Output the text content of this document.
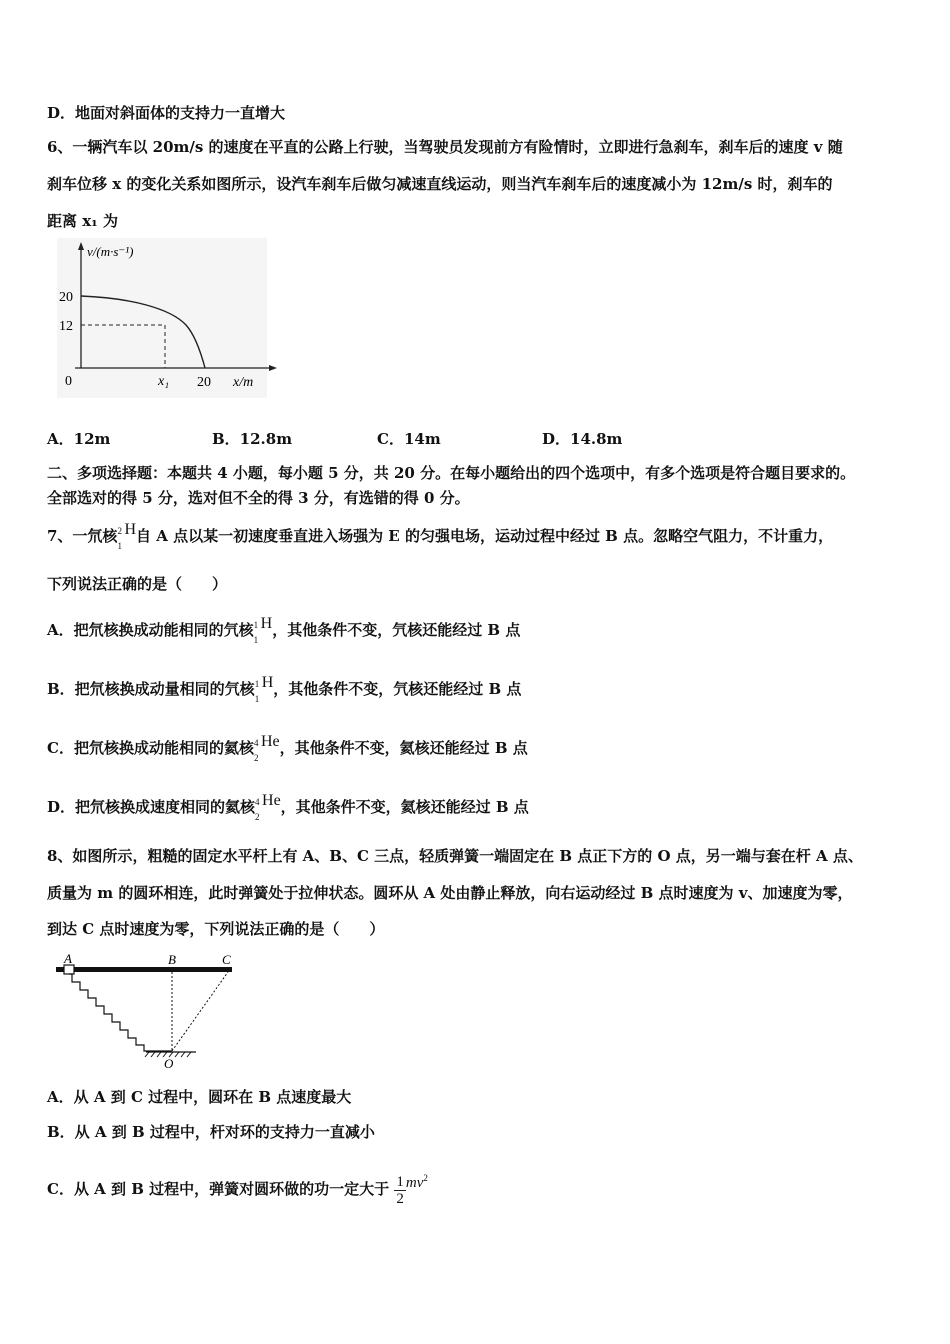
D．地面对斜面体的支持力一直增大
6、一辆汽车以 20m/s 的速度在平直的公路上行驶，当驾驶员发现前方有险情时，立即进行急刹车，刹车后的速度 v 随
刹车位移 x 的变化关系如图所示，设汽车刹车后做匀减速直线运动，则当汽车刹车后的速度减小为 12m/s 时，刹车的
距离 x₁ 为
v/(m·s⁻¹)
20
12
0	x₁ 20 x/m
A．12m	B．12.8m	C．14m	D．14.8m
二、多项选择题：本题共 4 小题，每小题 5 分，共 20 分。在每小题给出的四个选项中，有多个选项是符合题目要求的。
全部选对的得 5 分，选对但不全的得 3 分，有选错的得 0 分。
7、一氘核 2
1
H自 A 点以某一初速度垂直进入场强为 E 的匀强电场，运动过程中经过 B 点。忽略空气阻力，不计重力，
下列说法正确的是（　　）
A．把氘核换成动能相同的氕核 1
1
H，其他条件不变，氕核还能经过 B 点
B．把氘核换成动量相同的氕核 1
1
H，其他条件不变，氕核还能经过 B 点
C．把氘核换成动能相同的氦核 4
2
He，其他条件不变，氦核还能经过 B 点
D．把氘核换成速度相同的氦核 4
2
He，其他条件不变，氦核还能经过 B 点
8、如图所示，粗糙的固定水平杆上有 A、B、C 三点，轻质弹簧一端固定在 B 点正下方的 O 点，另一端与套在杆 A 点、
质量为 m 的圆环相连，此时弹簧处于拉伸状态。圆环从 A 处由静止释放，向右运动经过 B 点时速度为 v、加速度为零，
到达 C 点时速度为零，下列说法正确的是（　　）
A	B	C
O
A．从 A 到 C 过程中，圆环在 B 点速度最大
B．从 A 到 B 过程中，杆对环的支持力一直减小
C．从 A 到 B 过程中，弹簧对圆环做的功一定大于 $\frac{1}{2} mv^2$
